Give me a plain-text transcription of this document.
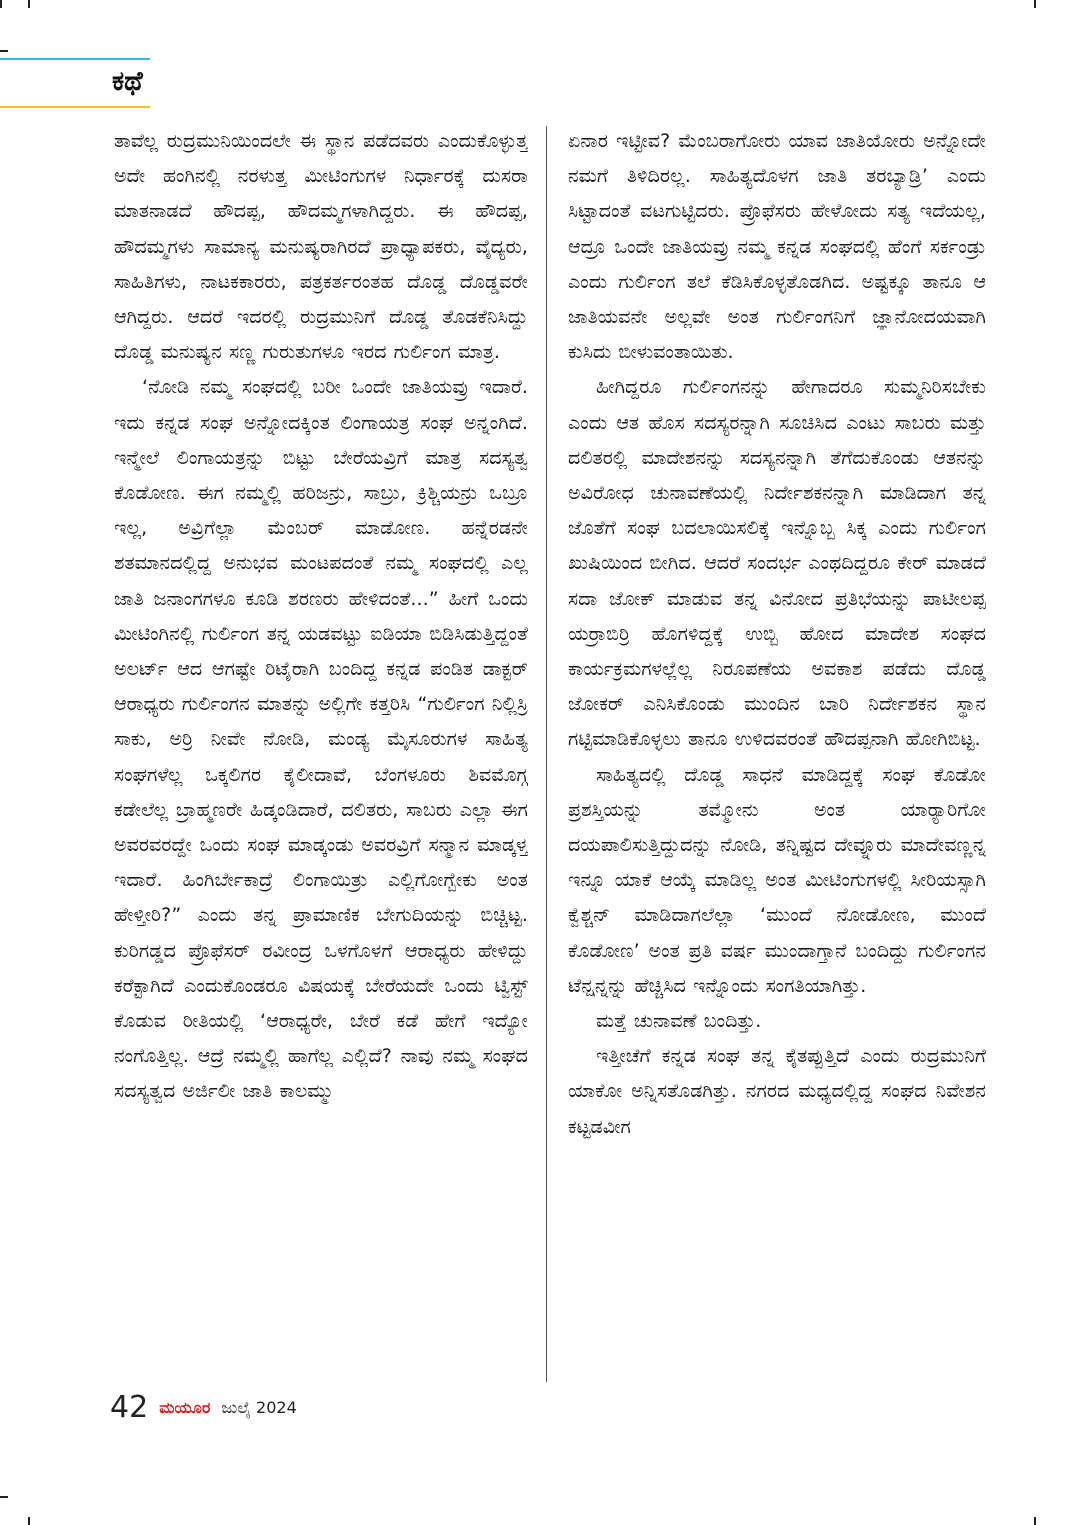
ಕಥೆ

ತಾವೆಲ್ಲ ರುದ್ರಮುನಿಯಿಂದಲೇ ಈ ಸ್ಥಾನ ಪಡೆದವರು ಎಂದುಕೊಳ್ಳುತ್ತ ಅದೇ ಹಂಗಿನಲ್ಲಿ ನರಳುತ್ತ ಮೀಟಿಂಗುಗಳ ನಿರ್ಧಾರಕ್ಕೆ ದುಸರಾ ಮಾತನಾಡದೆ ಹೌದಪ್ಪ, ಹೌದಮ್ಮಗಳಾಗಿದ್ದರು. ಈ ಹೌದಪ್ಪ, ಹೌದಮ್ಮಗಳು ಸಾಮಾನ್ಯ ಮನುಷ್ಯರಾಗಿರದೆ ಪ್ರಾಧ್ಯಾಪಕರು, ವೈದ್ಯರು, ಸಾಹಿತಿಗಳು, ನಾಟಕಕಾರರು, ಪತ್ರಕರ್ತರಂತಹ ದೊಡ್ಡ ದೊಡ್ಡವರೇ ಆಗಿದ್ದರು. ಆದರೆ ಇದರಲ್ಲಿ ರುದ್ರಮುನಿಗೆ ದೊಡ್ಡ ತೊಡಕೆನಿಸಿದ್ದು ದೊಡ್ಡ ಮನುಷ್ಯನ ಸಣ್ಣ ಗುರುತುಗಳೂ ಇರದ ಗುರ್ಲಿಂಗ ಮಾತ್ರ.

‘ನೋಡಿ ನಮ್ಮ ಸಂಘದಲ್ಲಿ ಬರೀ ಒಂದೇ ಜಾತಿಯವ್ರು ಇದಾರೆ. ಇದು ಕನ್ನಡ ಸಂಘ ಅನ್ನೋದಕ್ಕಿಂತ ಲಿಂಗಾಯತ್ರ ಸಂಘ ಅನ್ನಂಗಿದೆ. ಇನ್ಮೇಲೆ ಲಿಂಗಾಯತ್ರನ್ನು ಬಿಟ್ಟು ಬೇರೆಯವ್ರಿಗೆ ಮಾತ್ರ ಸದಸ್ಯತ್ವ ಕೊಡೋಣ. ಈಗ ನಮ್ಮಲ್ಲಿ ಹರಿಜನ್ರು, ಸಾಬ್ರು, ಕ್ರಿಶ್ಚಿಯನ್ರು ಒಬ್ರೂ ಇಲ್ಲ, ಅವ್ರಿಗೆಲ್ಲಾ ಮೆಂಬರ್ ಮಾಡೋಣ. ಹನ್ನೆರಡನೇ ಶತಮಾನದಲ್ಲಿದ್ದ ಅನುಭವ ಮಂಟಪದಂತೆ ನಮ್ಮ ಸಂಘದಲ್ಲಿ ಎಲ್ಲ ಜಾತಿ ಜನಾಂಗಗಳೂ ಕೂಡಿ ಶರಣರು ಹೇಳಿದಂತೆ...” ಹೀಗೆ ಒಂದು ಮೀಟಿಂಗಿನಲ್ಲಿ ಗುರ್ಲಿಂಗ ತನ್ನ ಯಡವಟ್ಟು ಐಡಿಯಾ ಬಿಡಿಸಿಡುತ್ತಿದ್ದಂತೆ ಅಲರ್ಟ್ ಆದ ಆಗಷ್ಟೇ ರಿಟೈರಾಗಿ ಬಂದಿದ್ದ ಕನ್ನಡ ಪಂಡಿತ ಡಾಕ್ಟರ್ ಆರಾಧ್ಯರು ಗುರ್ಲಿಂಗನ ಮಾತನ್ನು ಅಲ್ಲಿಗೇ ಕತ್ತರಿಸಿ “ಗುರ್ಲಿಂಗ ನಿಲ್ಲಿಸ್ರಿ ಸಾಕು, ಅರ್ರಿ ನೀವೇ ನೋಡಿ, ಮಂಡ್ಯ ಮೈಸೂರುಗಳ ಸಾಹಿತ್ಯ ಸಂಘಗಳೆಲ್ಲ ಒಕ್ಕಲಿಗರ ಕೈಲೀದಾವೆ, ಬೆಂಗಳೂರು ಶಿವಮೊಗ್ಗ ಕಡೇಲೆಲ್ಲ ಬ್ರಾಹ್ಮಣರೇ ಹಿಡ್ಕಂಡಿದಾರೆ, ದಲಿತರು, ಸಾಬರು ಎಲ್ಲಾ ಈಗ ಅವರವರದ್ದೇ ಒಂದು ಸಂಘ ಮಾಡ್ಕಂಡು ಅವರವ್ರಿಗೆ ಸನ್ಮಾನ ಮಾಡ್ಕಳ್ತ ಇದಾರೆ. ಹಿಂಗಿರ್ಬೇಕಾದ್ರೆ ಲಿಂಗಾಯಿತ್ರು ಎಲ್ಲಿಗೋಗ್ಬೇಕು ಅಂತ ಹೇಳ್ತೀರಿ?” ಎಂದು ತನ್ನ ಪ್ರಾಮಾಣಿಕ ಬೇಗುದಿಯನ್ನು ಬಿಚ್ಚಿಟ್ಟ. ಕುರಿಗಡ್ಡದ ಪ್ರೊಫೆಸರ್ ರವೀಂದ್ರ ಒಳಗೊಳಗೆ ಆರಾಧ್ಯರು ಹೇಳಿದ್ದು ಕರೆಕ್ಟಾಗಿದೆ ಎಂದುಕೊಂಡರೂ ವಿಷಯಕ್ಕೆ ಬೇರೆಯದೇ ಒಂದು ಟ್ವಿಸ್ಟ್ ಕೊಡುವ ರೀತಿಯಲ್ಲಿ ‘ಆರಾಧ್ಯರೇ, ಬೇರೆ ಕಡೆ ಹೇಗೆ ಇದ್ಯೋ ನಂಗೊತ್ತಿಲ್ಲ. ಆದ್ರೆ ನಮ್ಮಲ್ಲಿ ಹಾಗೆಲ್ಲ ಎಲ್ಲಿದೆ? ನಾವು ನಮ್ಮ ಸಂಘದ ಸದಸ್ಯತ್ವದ ಅರ್ಜಿಲೀ ಜಾತಿ ಕಾಲಮ್ಮು

ಏನಾರ ಇಟ್ಟೀವ? ಮೆಂಬರಾಗೋರು ಯಾವ ಜಾತಿಯೋರು ಅನ್ನೋದೇ ನಮಗೆ ತಿಳಿದಿರಲ್ಲ. ಸಾಹಿತ್ಯದೊಳಗ ಜಾತಿ ತರಬ್ಯಾಡ್ರಿ’ ಎಂದು ಸಿಟ್ಟಾದಂತೆ ವಟಗುಟ್ಟಿದರು. ಪ್ರೊಫೆಸರು ಹೇಳೋದು ಸತ್ಯ ಇದೆಯಲ್ಲ, ಆದ್ರೂ ಒಂದೇ ಜಾತಿಯವ್ರು ನಮ್ಮ ಕನ್ನಡ ಸಂಘದಲ್ಲಿ ಹೆಂಗೆ ಸರ್ಕಂಡ್ರು ಎಂದು ಗುರ್ಲಿಂಗ ತಲೆ ಕೆಡಿಸಿಕೊಳ್ಳತೊಡಗಿದ. ಅಷ್ಟಕ್ಕೂ ತಾನೂ ಆ ಜಾತಿಯವನೇ ಅಲ್ಲವೇ ಅಂತ ಗುರ್ಲಿಂಗನಿಗೆ ಜ್ಞಾನೋದಯವಾಗಿ ಕುಸಿದು ಬೀಳುವಂತಾಯಿತು.

ಹೀಗಿದ್ದರೂ ಗುರ್ಲಿಂಗನನ್ನು ಹೇಗಾದರೂ ಸುಮ್ಮನಿರಿಸಬೇಕು ಎಂದು ಆತ ಹೊಸ ಸದಸ್ಯರನ್ನಾಗಿ ಸೂಚಿಸಿದ ಎಂಟು ಸಾಬರು ಮತ್ತು ದಲಿತರಲ್ಲಿ ಮಾದೇಶನನ್ನು ಸದಸ್ಯನನ್ನಾಗಿ ತೆಗೆದುಕೊಂಡು ಆತನನ್ನು ಅವಿರೋಧ ಚುನಾವಣೆಯಲ್ಲಿ ನಿರ್ದೇಶಕನನ್ನಾಗಿ ಮಾಡಿದಾಗ ತನ್ನ ಜೊತೆಗೆ ಸಂಘ ಬದಲಾಯಿಸಲಿಕ್ಕೆ ಇನ್ನೊಬ್ಬ ಸಿಕ್ಕ ಎಂದು ಗುರ್ಲಿಂಗ ಖುಷಿಯಿಂದ ಬೀಗಿದ. ಆದರೆ ಸಂದರ್ಭ ಎಂಥದಿದ್ದರೂ ಕೇರ್ ಮಾಡದೆ ಸದಾ ಜೋಕ್ ಮಾಡುವ ತನ್ನ ವಿನೋದ ಪ್ರತಿಭೆಯನ್ನು ಪಾಟೀಲಪ್ಪ ಯರ್‍ರಾಬಿರ್‍ರಿ ಹೊಗಳಿದ್ದಕ್ಕೆ ಉಬ್ಬಿ ಹೋದ ಮಾದೇಶ ಸಂಘದ ಕಾರ್ಯಕ್ರಮಗಳಲ್ಲೆಲ್ಲ ನಿರೂಪಣೆಯ ಅವಕಾಶ ಪಡೆದು ದೊಡ್ಡ ಜೋಕರ್ ಎನಿಸಿಕೊಂಡು ಮುಂದಿನ ಬಾರಿ ನಿರ್ದೇಶಕನ ಸ್ಥಾನ ಗಟ್ಟಿಮಾಡಿಕೊಳ್ಳಲು ತಾನೂ ಉಳಿದವರಂತೆ ಹೌದಪ್ಪನಾಗಿ ಹೋಗಿಬಿಟ್ಟ.

ಸಾಹಿತ್ಯದಲ್ಲಿ ದೊಡ್ಡ ಸಾಧನೆ ಮಾಡಿದ್ದಕ್ಕೆ ಸಂಘ ಕೊಡೋ ಪ್ರಶಸ್ತಿಯನ್ನು ತಮ್ಮೋನು ಅಂತ ಯಾರ್‍ಯಾರಿಗೋ ದಯಪಾಲಿಸುತ್ತಿದ್ದುದನ್ನು ನೋಡಿ, ತನ್ನಿಷ್ಟದ ದೇವ್ನೂರು ಮಾದೇವಣ್ಣನ್ನ ಇನ್ನೂ ಯಾಕೆ ಆಯ್ಕೆ ಮಾಡಿಲ್ಲ ಅಂತ ಮೀಟಿಂಗುಗಳಲ್ಲಿ ಸೀರಿಯಸ್ಸಾಗಿ ಕ್ವೆಶ್ಚನ್ ಮಾಡಿದಾಗಲೆಲ್ಲಾ ‘ಮುಂದೆ ನೋಡೋಣ, ಮುಂದೆ ಕೊಡೋಣ’ ಅಂತ ಪ್ರತಿ ವರ್ಷ ಮುಂದಾಗ್ತಾನೆ ಬಂದಿದ್ದು ಗುರ್ಲಿಂಗನ ಟೆನ್ಷನ್ನನ್ನು ಹೆಚ್ಚಿಸಿದ ಇನ್ನೊಂದು ಸಂಗತಿಯಾಗಿತ್ತು.

ಮತ್ತೆ ಚುನಾವಣೆ ಬಂದಿತ್ತು.

ಇತ್ತೀಚೆಗೆ ಕನ್ನಡ ಸಂಘ ತನ್ನ ಕೈತಪ್ಪುತ್ತಿದೆ ಎಂದು ರುದ್ರಮುನಿಗೆ ಯಾಕೋ ಅನ್ನಿಸತೊಡಗಿತ್ತು. ನಗರದ ಮಧ್ಯದಲ್ಲಿದ್ದ ಸಂಘದ ನಿವೇಶನ ಕಟ್ಟಡವೀಗ

42 ಮಯೂರ ಜುಲೈ 2024
